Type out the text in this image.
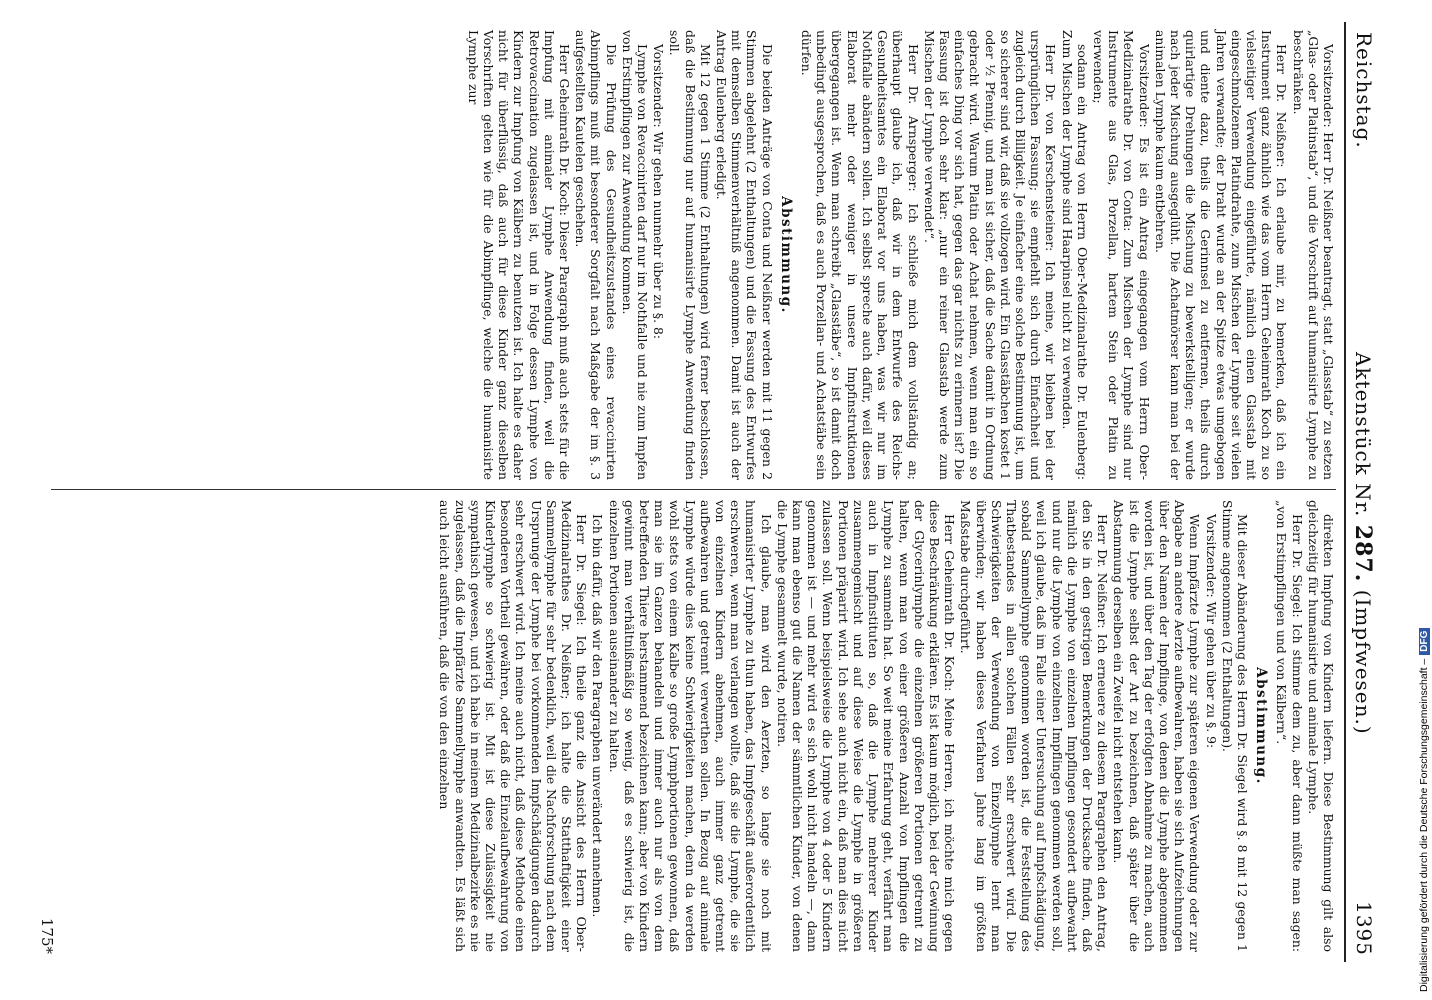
Reichstag.
Aktenstück Nr. 287. (Impfwesen.)
1395

Vorsitzender: Herr Dr. Neißner beantragt, statt „Glasstab“ zu setzen „Glas- oder Platinstab“, und die Vorschrift auf humanisirte Lymphe zu beschränken.

Herr Dr. Neißner: Ich erlaube mir, zu bemerken, daß ich ein Instrument ganz ähnlich wie das vom Herrn Geheimrath Koch zu so vielseitiger Verwendung eingeführte, nämlich einen Glasstab mit eingeschmolzenem Platindrahte, zum Mischen der Lymphe seit vielen Jahren verwandte; der Draht wurde an der Spitze etwas umgebogen und diente dazu, theils die Gerinnsel zu entfernen, theils durch quirlartige Drehungen die Mischung zu bewerkstelligen; er wurde nach jeder Mischung ausgeglüht. Die Achatmörser kann man bei der animalen Lymphe kaum entbehren.

Vorsitzender: Es ist ein Antrag eingegangen vom Herrn Ober-Medizinalrathe Dr. von Conta: Zum Mischen der Lymphe sind nur Instrumente aus Glas, Porzellan, hartem Stein oder Platin zu verwenden;

sodann ein Antrag von Herrn Ober-Medizinalrathe Dr. Eulenberg: Zum Mischen der Lymphe sind Haarpinsel nicht zu verwenden.

Herr Dr. von Kerschensteiner: Ich meine, wir bleiben bei der ursprünglichen Fassung; sie empfiehlt sich durch Einfachheit und zugleich durch Billigkeit. Je einfacher eine solche Bestimmung ist, um so sicherer sind wir, daß sie vollzogen wird. Ein Glasstäbchen kostet 1 oder ½ Pfennig, und man ist sicher, daß die Sache damit in Ordnung gebracht wird. Warum Platin oder Achat nehmen, wenn man ein so einfaches Ding vor sich hat, gegen das gar nichts zu erinnern ist? Die Fassung ist doch sehr klar: „nur ein reiner Glasstab werde zum Mischen der Lymphe verwendet“.

Herr Dr. Arnsperger: Ich schließe mich dem vollständig an; überhaupt glaube ich, daß wir in dem Entwurfe des Reichs-Gesundheitsamtes ein Elaborat vor uns haben, was wir nur im Nothfalle abändern sollen. Ich selbst spreche auch dafür, weil dieses Elaborat mehr oder weniger in unsere Impfinstruktionen übergegangen ist. Wenn man schreibt „Glasstäbe“, so ist damit doch unbedingt ausgesprochen, daß es auch Porzellan- und Achatstäbe sein dürfen.

Abstimmung.

Die beiden Anträge von Conta und Neißner werden mit 11 gegen 2 Stimmen abgelehnt (2 Enthaltungen) und die Fassung des Entwurfes mit demselben Stimmenverhältniß angenommen. Damit ist auch der Antrag Eulenberg erledigt.

Mit 12 gegen 1 Stimme (2 Enthaltungen) wird ferner beschlossen, daß die Bestimmung nur auf humanisirte Lymphe Anwendung finden soll.

Vorsitzender: Wir gehen nunmehr über zu §. 8:

Lymphe von Revaccinirten darf nur im Nothfalle und nie zum Impfen von Erstimpflingen zur Anwendung kommen.

Die Prüfung des Gesundheitszustandes eines revaccinirten Abimpflings muß mit besonderer Sorgfalt nach Maßgabe der im §. 3 aufgestellten Kautelen geschehen.

Herr Geheimrath Dr. Koch: Dieser Paragraph muß auch stets für die Impfung mit animaler Lymphe Anwendung finden, weil die Retrovaccination zugelassen ist, und in Folge dessen Lymphe von Kindern zur Impfung von Kälbern zu benutzen ist. Ich halte es daher nicht für überflüssig, daß auch für diese Kinder ganz dieselben Vorschriften gelten wie für die Abimpflinge, welche die humanisirte Lymphe zur

direkten Impfung von Kindern liefern. Diese Bestimmung gilt also gleichzeitig für humanisirte und animale Lymphe.

Herr Dr. Siegel: Ich stimme dem zu, aber dann müßte man sagen: „von Erstimpflingen und von Kälbern“.

Abstimmung.

Mit dieser Abänderung des Herrn Dr. Siegel wird §. 8 mit 12 gegen 1 Stimme angenommen (2 Enthaltungen).

Vorsitzender: Wir gehen über zu §. 9:

Wenn Impfärzte Lymphe zur späteren eigenen Verwendung oder zur Abgabe an andere Aerzte aufbewahren, haben sie sich Aufzeichnungen über den Namen der Impflinge, von denen die Lymphe abgenommen worden ist, und über den Tag der erfolgten Abnahme zu machen, auch ist die Lymphe selbst der Art zu bezeichnen, daß später über die Abstammung derselben ein Zweifel nicht entstehen kann.

Herr Dr. Neißner: Ich erneuere zu diesem Paragraphen den Antrag, den Sie in den gestrigen Bemerkungen der Drucksache finden, daß nämlich die Lymphe von einzelnen Impflingen gesondert aufbewahrt und nur die Lymphe von einzelnen Impflingen genommen werden soll, weil ich glaube, daß im Falle einer Untersuchung auf Impfschädigung, sobald Sammellymphe genommen worden ist, die Feststellung des Thatbestandes in allen solchen Fällen sehr erschwert wird. Die Schwierigkeiten der Verwendung von Einzellymphe lernt man überwinden; wir haben dieses Verfahren Jahre lang im größten Maßstabe durchgeführt.

Herr Geheimrath Dr. Koch: Meine Herren, ich möchte mich gegen diese Beschränkung erklären. Es ist kaum möglich, bei der Gewinnung der Glycerinlymphe die einzelnen größeren Portionen getrennt zu halten, wenn man von einer größeren Anzahl von Impflingen die Lymphe zu sammeln hat. So weit meine Erfahrung geht, verfährt man auch in Impfinstituten so, daß die Lymphe mehrerer Kinder zusammengemischt und auf diese Weise die Lymphe in größeren Portionen präparirt wird. Ich sehe auch nicht ein, daß man dies nicht zulassen soll. Wenn beispielsweise die Lymphe von 4 oder 5 Kindern genommen ist — und mehr wird es sich wohl nicht handeln —, dann kann man ebenso gut die Namen der sämmtlichen Kinder, von denen die Lymphe gesammelt wurde, notiren.

Ich glaube, man wird den Aerzten, so lange sie noch mit humanisirter Lymphe zu thun haben, das Impfgeschäft außerordentlich erschweren, wenn man verlangen wollte, daß sie die Lymphe, die sie von einzelnen Kindern abnehmen, auch immer ganz getrennt aufbewahren und getrennt verwerthen sollen. In Bezug auf animale Lymphe würde dies keine Schwierigkeiten machen, denn da werden wohl stets von einem Kalbe so große Lymphportionen gewonnen, daß man sie im Ganzen behandeln und immer auch nur als von dem betreffenden Thiere herstammend bezeichnen kann; aber von Kindern gewinnt man verhältnißmäßig so wenig, daß es schwierig ist, die einzelnen Portionen auseinander zu halten.

Ich bin dafür, daß wir den Paragraphen unverändert annehmen.

Herr Dr. Siegel: Ich theile ganz die Ansicht des Herrn Ober-Medizinalrathes Dr. Neißner; ich halte die Statthaftigkeit einer Sammellymphe für sehr bedenklich, weil die Nachforschung nach dem Ursprunge der Lymphe bei vorkommenden Impfschädigungen dadurch sehr erschwert wird. Ich meine auch nicht, daß diese Methode einen besonderen Vortheil gewähren, oder daß die Einzelaufbewahrung von Kinderlymphe so schwierig ist. Mit ist diese Zulässigkeit nie sympathisch gewesen, und ich habe in meinem Medizinalbezirke es nie zugelassen, daß die Impfärzte Sammellymphe anwandten. Es läßt sich auch leicht ausführen, daß die von den einzelnen

175*	Digitalisierung gefördert durch die Deutsche Forschungsgemeinschaft –DFG
